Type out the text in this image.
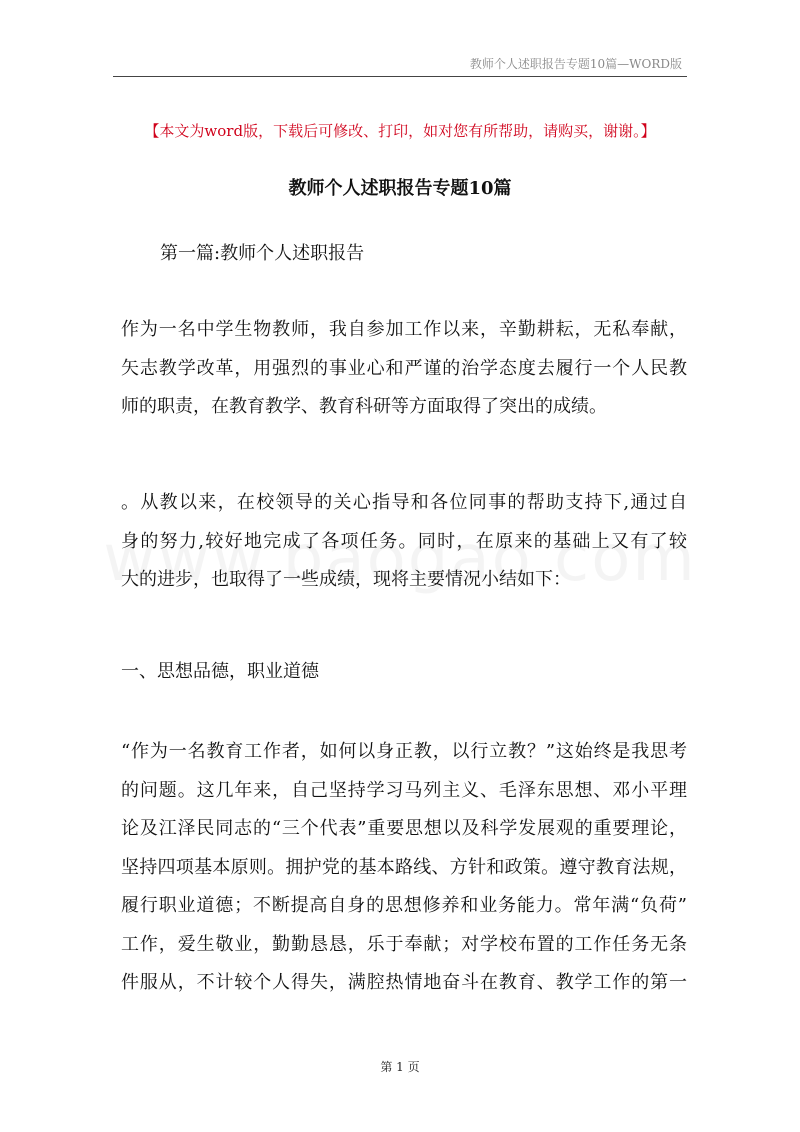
教师个人述职报告专题10篇—WORD版
【本文为word版，下载后可修改、打印，如对您有所帮助，请购买，谢谢。】
教师个人述职报告专题10篇
第一篇:教师个人述职报告

作为一名中学生物教师，我自参加工作以来，辛勤耕耘，无私奉献，
矢志教学改革，用强烈的事业心和严谨的治学态度去履行一个人民教
师的职责，在教育教学、教育科研等方面取得了突出的成绩。

。从教以来，在校领导的关心指导和各位同事的帮助支持下,通过自
身的努力,较好地完成了各项任务。同时，在原来的基础上又有了较
大的进步，也取得了一些成绩，现将主要情况小结如下：

一、思想品德，职业道德

“作为一名教育工作者，如何以身正教，以行立教？”这始终是我思考
的问题。这几年来，自己坚持学习马列主义、毛泽东思想、邓小平理
论及江泽民同志的“三个代表”重要思想以及科学发展观的重要理论，
坚持四项基本原则。拥护党的基本路线、方针和政策。遵守教育法规，
履行职业道德；不断提高自身的思想修养和业务能力。常年满“负荷”
工作，爱生敬业，勤勤恳恳，乐于奉献；对学校布置的工作任务无条
件服从，不计较个人得失，满腔热情地奋斗在教育、教学工作的第一

第 1 页
